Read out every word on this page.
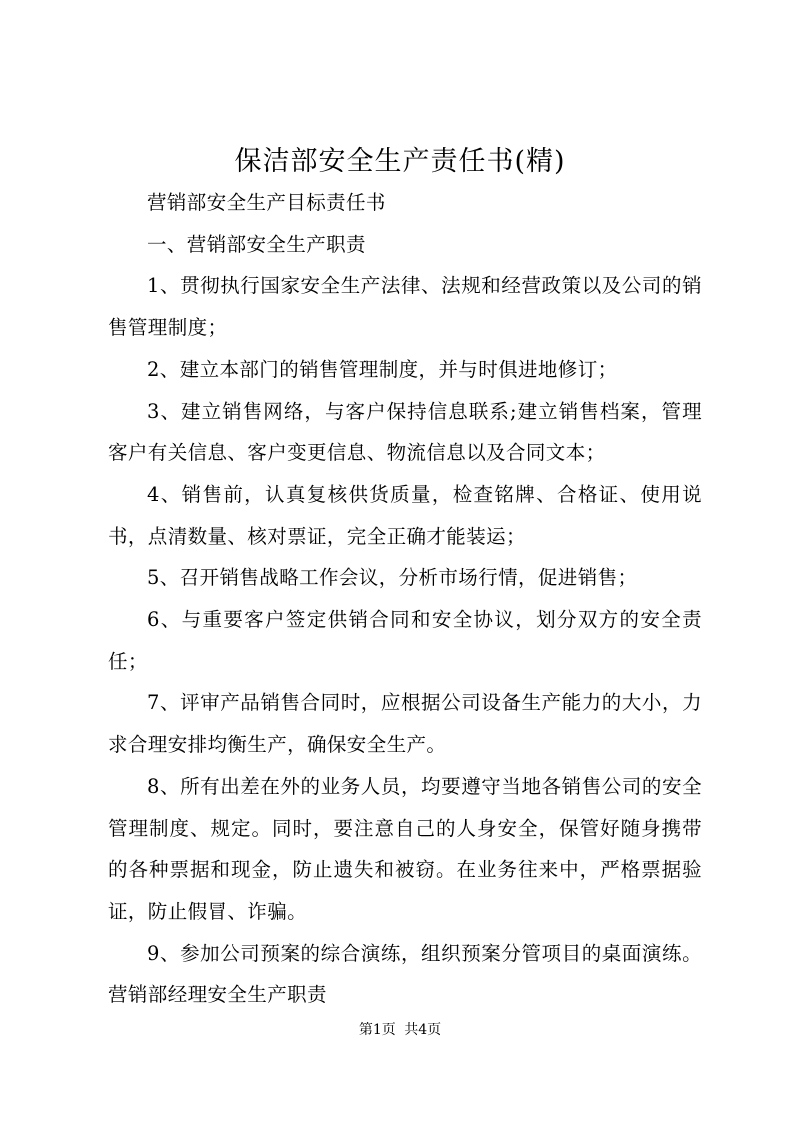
保洁部安全生产责任书(精)

营销部安全生产目标责任书

一、营销部安全生产职责

1、贯彻执行国家安全生产法律、法规和经营政策以及公司的销售管理制度；

2、建立本部门的销售管理制度，并与时俱进地修订；

3、建立销售网络，与客户保持信息联系;建立销售档案，管理客户有关信息、客户变更信息、物流信息以及合同文本；

4、销售前，认真复核供货质量，检查铭牌、合格证、使用说书，点清数量、核对票证，完全正确才能装运；

5、召开销售战略工作会议，分析市场行情，促进销售；

6、与重要客户签定供销合同和安全协议，划分双方的安全责任；

7、评审产品销售合同时，应根据公司设备生产能力的大小，力求合理安排均衡生产，确保安全生产。

8、所有出差在外的业务人员，均要遵守当地各销售公司的安全管理制度、规定。同时，要注意自己的人身安全，保管好随身携带的各种票据和现金，防止遗失和被窃。在业务往来中，严格票据验证，防止假冒、诈骗。

9、参加公司预案的综合演练，组织预案分管项目的桌面演练。营销部经理安全生产职责

第1页 共4页
